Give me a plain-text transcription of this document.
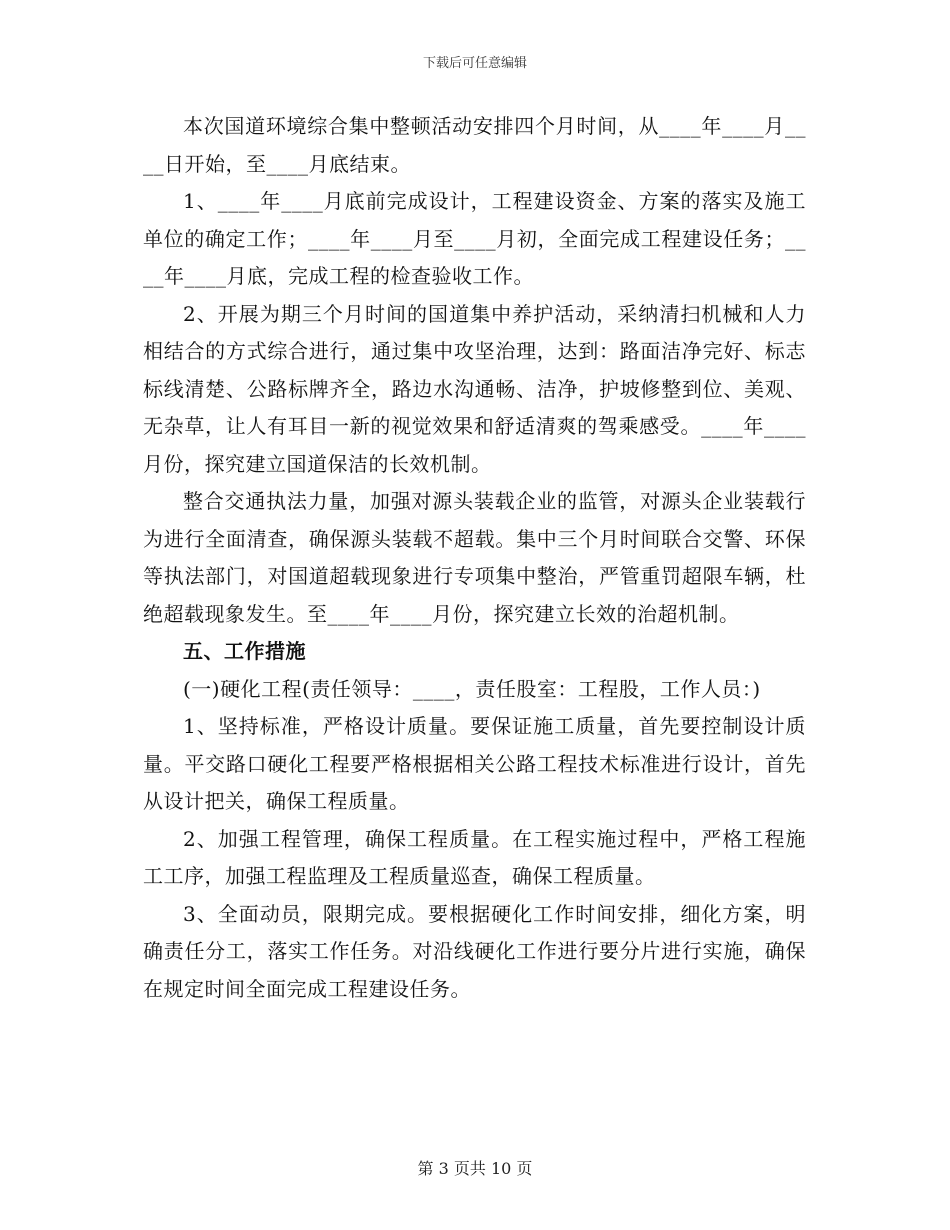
下载后可任意编辑

本次国道环境综合集中整顿活动安排四个月时间，从____年____月____日开始，至____月底结束。

1、____年____月底前完成设计，工程建设资金、方案的落实及施工单位的确定工作；____年____月至____月初，全面完成工程建设任务；____年____月底，完成工程的检查验收工作。

2、开展为期三个月时间的国道集中养护活动，采纳清扫机械和人力相结合的方式综合进行，通过集中攻坚治理，达到：路面洁净完好、标志标线清楚、公路标牌齐全，路边水沟通畅、洁净，护坡修整到位、美观、无杂草，让人有耳目一新的视觉效果和舒适清爽的驾乘感受。____年____月份，探究建立国道保洁的长效机制。

整合交通执法力量，加强对源头装载企业的监管，对源头企业装载行为进行全面清查，确保源头装载不超载。集中三个月时间联合交警、环保等执法部门，对国道超载现象进行专项集中整治，严管重罚超限车辆，杜绝超载现象发生。至____年____月份，探究建立长效的治超机制。

五、工作措施

(一)硬化工程(责任领导：____，责任股室：工程股，工作人员：)

1、坚持标准，严格设计质量。要保证施工质量，首先要控制设计质量。平交路口硬化工程要严格根据相关公路工程技术标准进行设计，首先从设计把关，确保工程质量。

2、加强工程管理，确保工程质量。在工程实施过程中，严格工程施工工序，加强工程监理及工程质量巡查，确保工程质量。

3、全面动员，限期完成。要根据硬化工作时间安排，细化方案，明确责任分工，落实工作任务。对沿线硬化工作进行要分片进行实施，确保在规定时间全面完成工程建设任务。

第 3 页共 10 页
